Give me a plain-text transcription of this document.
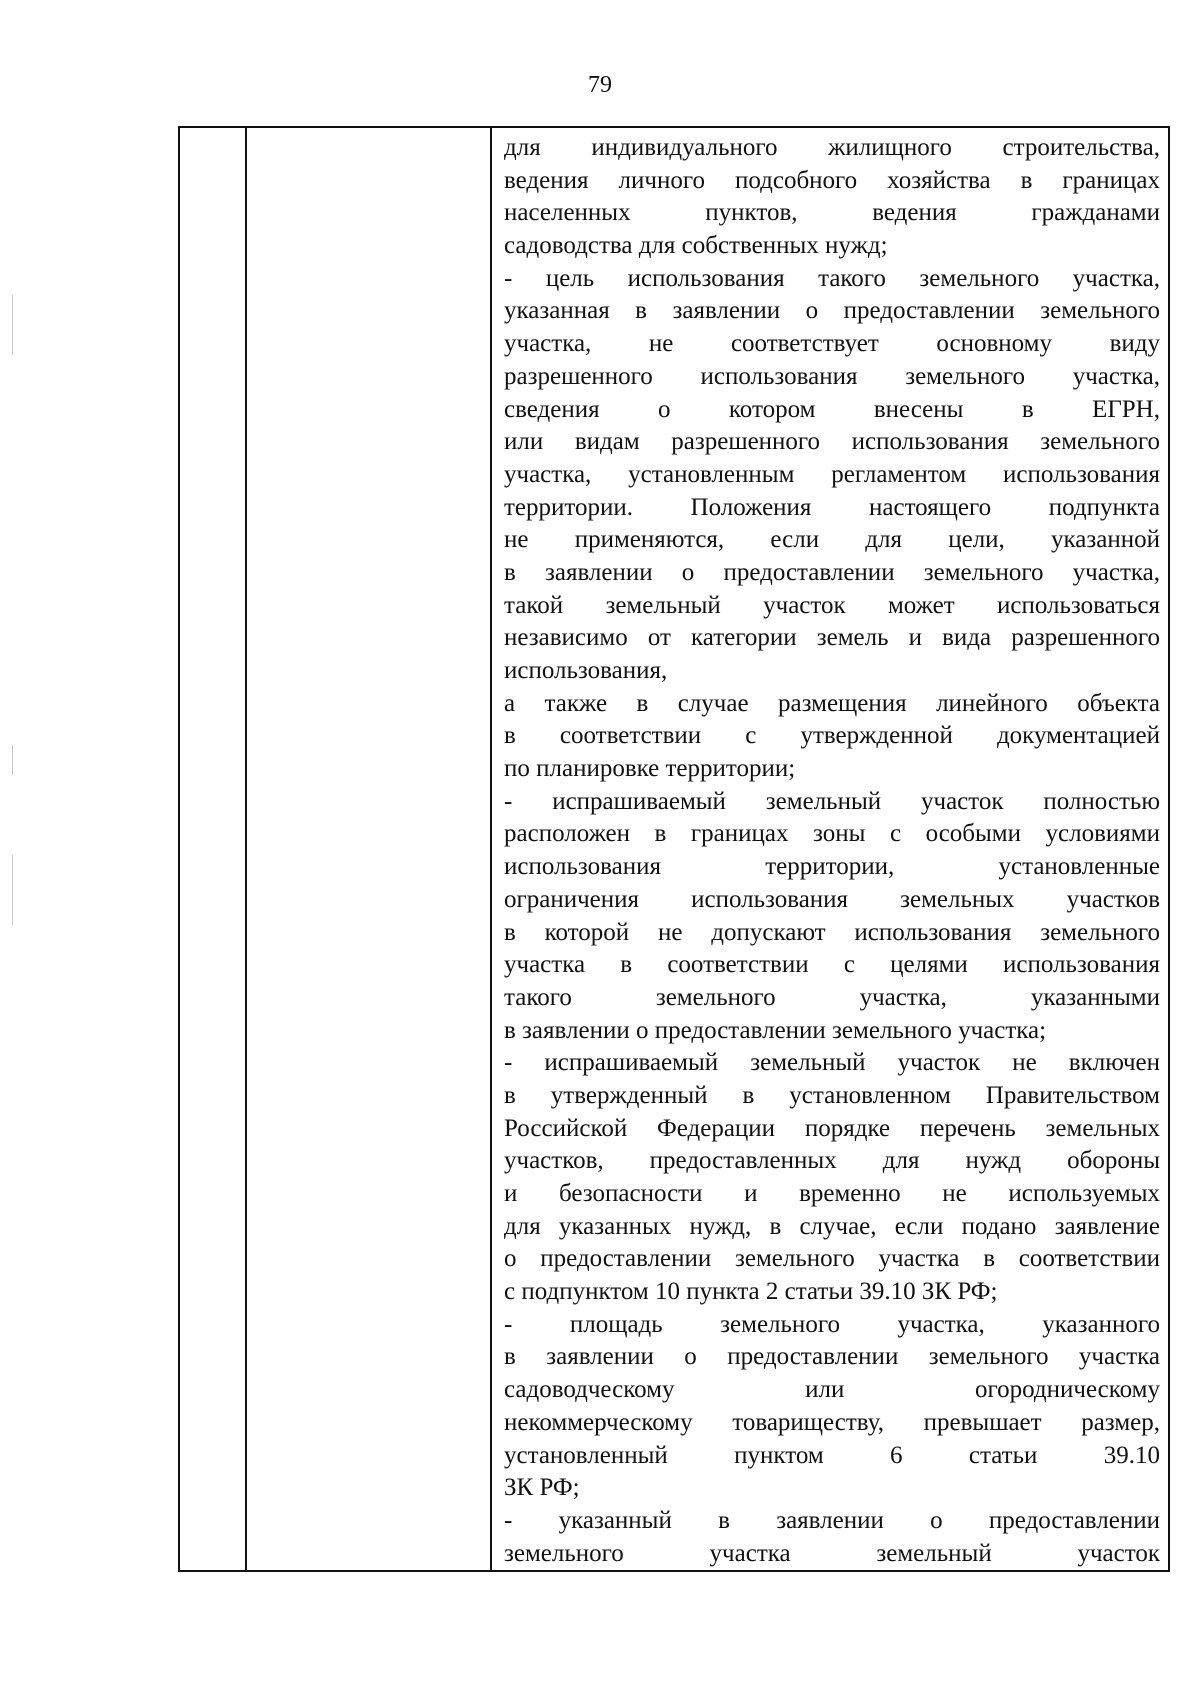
79

для индивидуального жилищного строительства,
ведения личного подсобного хозяйства в границах
населенных пунктов, ведения гражданами
садоводства для собственных нужд;
- цель использования такого земельного участка,
указанная в заявлении о предоставлении земельного
участка, не соответствует основному виду
разрешенного использования земельного участка,
сведения о котором внесены в ЕГРН,
или видам разрешенного использования земельного
участка, установленным регламентом использования
территории. Положения настоящего подпункта
не применяются, если для цели, указанной
в заявлении о предоставлении земельного участка,
такой земельный участок может использоваться
независимо от категории земель и вида разрешенного
использования,
а также в случае размещения линейного объекта
в соответствии с утвержденной документацией
по планировке территории;
- испрашиваемый земельный участок полностью
расположен в границах зоны с особыми условиями
использования территории, установленные
ограничения использования земельных участков
в которой не допускают использования земельного
участка в соответствии с целями использования
такого земельного участка, указанными
в заявлении о предоставлении земельного участка;
- испрашиваемый земельный участок не включен
в утвержденный в установленном Правительством
Российской Федерации порядке перечень земельных
участков, предоставленных для нужд обороны
и безопасности и временно не используемых
для указанных нужд, в случае, если подано заявление
о предоставлении земельного участка в соответствии
с подпунктом 10 пункта 2 статьи 39.10 ЗК РФ;
- площадь земельного участка, указанного
в заявлении о предоставлении земельного участка
садоводческому или огородническому
некоммерческому товариществу, превышает размер,
установленный пунктом 6 статьи 39.10
ЗК РФ;
- указанный в заявлении о предоставлении
земельного участка земельный участок
